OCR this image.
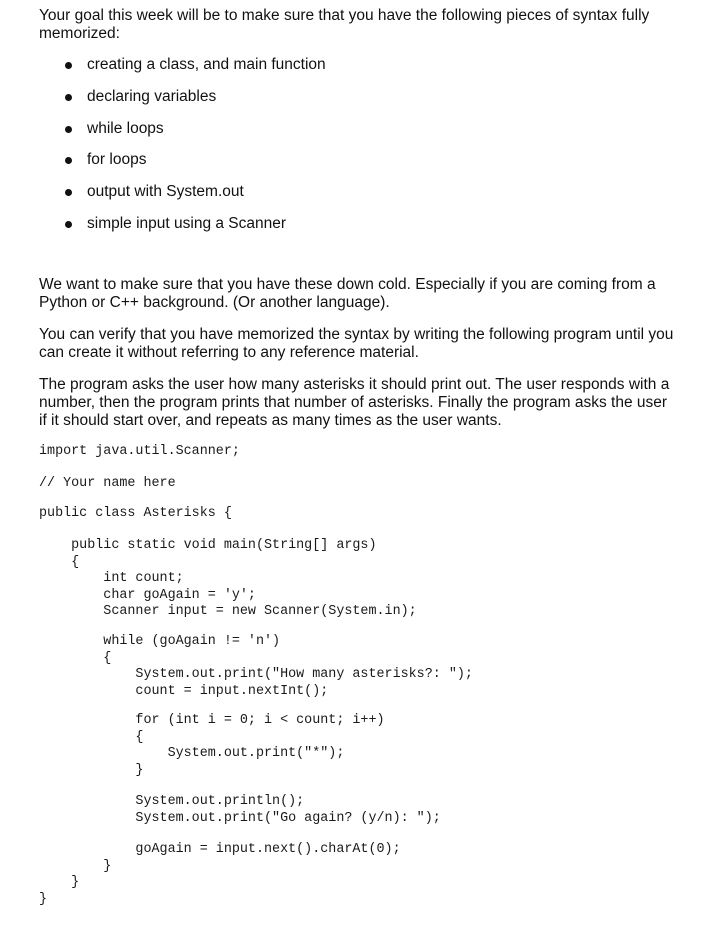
Your goal this week will be to make sure that you have the following pieces of syntax fully memorized:

creating a class, and main function
declaring variables
while loops
for loops
output with System.out
simple input using a Scanner

We want to make sure that you have these down cold. Especially if you are coming from a Python or C++ background. (Or another language).

You can verify that you have memorized the syntax by writing the following program until you can create it without referring to any reference material.

The program asks the user how many asterisks it should print out. The user responds with a number, then the program prints that number of asterisks. Finally the program asks the user if it should start over, and repeats as many times as the user wants.

import java.util.Scanner;
// Your name here
public class Asterisks {
public static void main(String[] args)
{
int count;
char goAgain = 'y';
Scanner input = new Scanner(System.in);
while (goAgain != 'n')
{
System.out.print("How many asterisks?: ");
count = input.nextInt();
for (int i = 0; i < count; i++)
{
System.out.print("*");
}
System.out.println();
System.out.print("Go again? (y/n): ");
goAgain = input.next().charAt(0);
}
}
}
